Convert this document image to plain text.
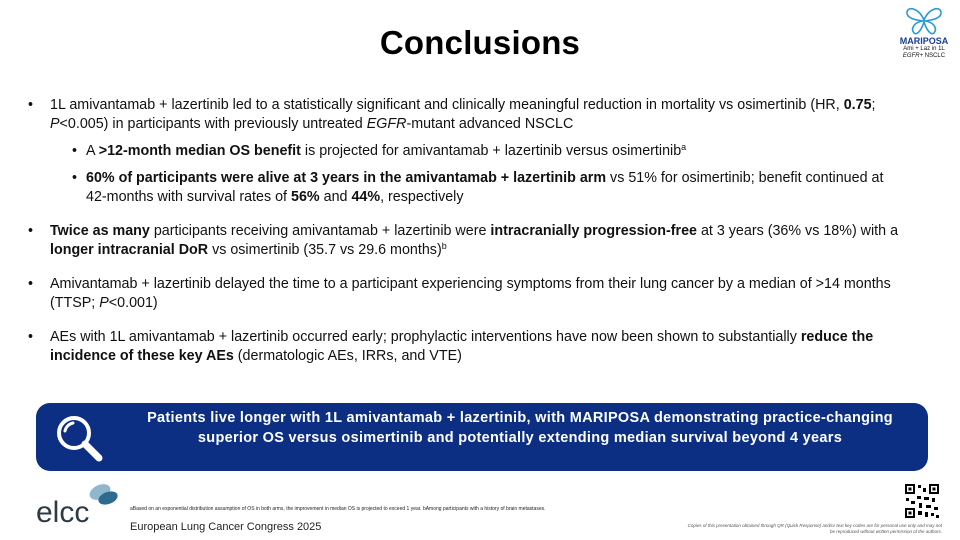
Conclusions	MARIPOSA
Ami + Laz in 1L
EGFR+ NSCLC
• 1L amivantamab + lazertinib led to a statistically significant and clinically meaningful reduction in mortality vs osimertinib (HR, 0.75; P<0.005) in participants with previously untreated EGFR-mutant advanced NSCLC
• A >12-month median OS benefit is projected for amivantamab + lazertinib versus osimertinib$^a$
• 60% of participants were alive at 3 years in the amivantamab + lazertinib arm vs 51% for osimertinib; benefit continued at 42-months with survival rates of 56% and 44%, respectively
• Twice as many participants receiving amivantamab + lazertinib were intracranially progression-free at 3 years (36% vs 18%) with a longer intracranial DoR vs osimertinib (35.7 vs 29.6 months)$^b$
• Amivantamab + lazertinib delayed the time to a participant experiencing symptoms from their lung cancer by a median of >14 months (TTSP; P<0.001)
• AEs with 1L amivantamab + lazertinib occurred early; prophylactic interventions have now been shown to substantially reduce the incidence of these key AEs (dermatologic AEs, IRRs, and VTE)
Patients live longer with 1L amivantamab + lazertinib, with MARIPOSA demonstrating practice-changing superior OS versus osimertinib and potentially extending median survival beyond 4 years
elcc	aBased on an exponential distribution assumption of OS in both arms, the improvement in median OS is projected to exceed 1 year. bAmong participants with a history of brain metastases.
European Lung Cancer Congress 2025	Copies of this presentation obtained through QR (Quick Response) and/or text key codes are for personal use only and may not be reproduced without written permission of the authors.
